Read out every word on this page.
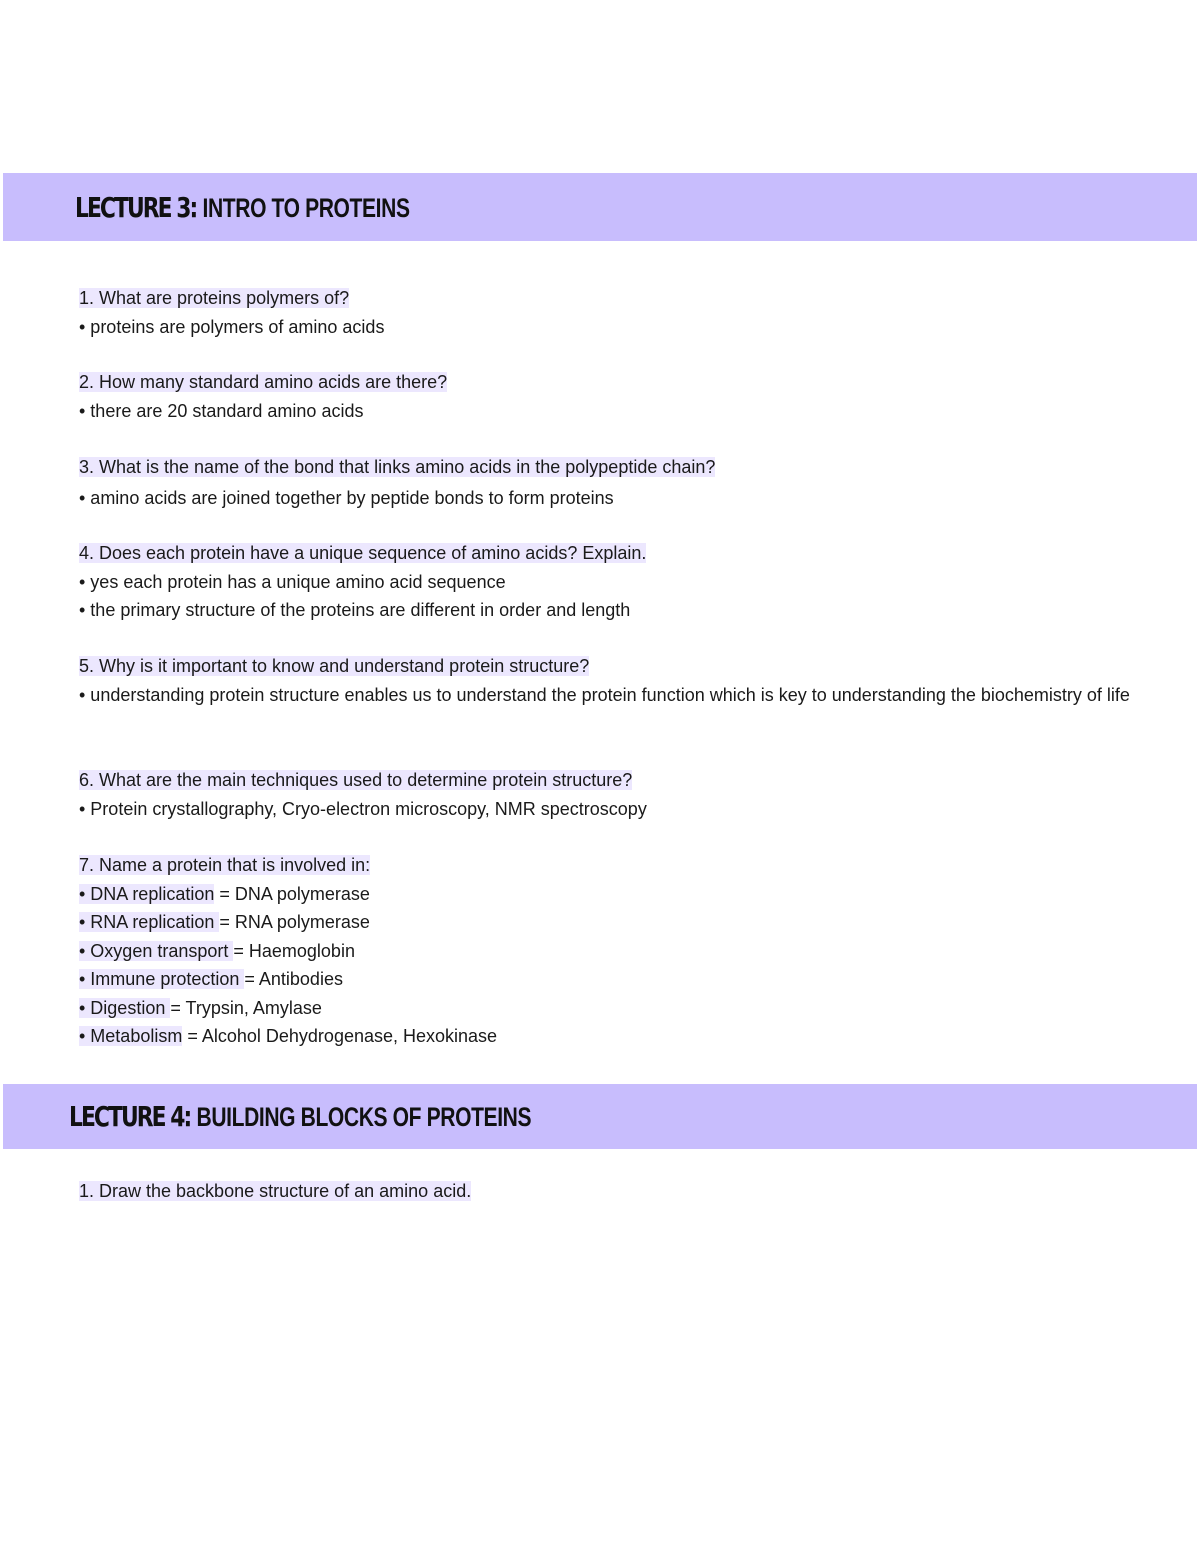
LECTURE 3: INTRO TO PROTEINS
1. What are proteins polymers of?
• proteins are polymers of amino acids
2. How many standard amino acids are there?
• there are 20 standard amino acids
3. What is the name of the bond that links amino acids in the polypeptide chain?
• amino acids are joined together by peptide bonds to form proteins
4. Does each protein have a unique sequence of amino acids? Explain.
• yes each protein has a unique amino acid sequence
• the primary structure of the proteins are different in order and length
5. Why is it important to know and understand protein structure?
• understanding protein structure enables us to understand the protein function which is key to understanding the biochemistry of life
6. What are the main techniques used to determine protein structure?
• Protein crystallography, Cryo-electron microscopy, NMR spectroscopy
7. Name a protein that is involved in:
• DNA replication = DNA polymerase
• RNA replication = RNA polymerase
• Oxygen transport = Haemoglobin
• Immune protection = Antibodies
• Digestion = Trypsin, Amylase
• Metabolism = Alcohol Dehydrogenase, Hexokinase
LECTURE 4: BUILDING BLOCKS OF PROTEINS
1. Draw the backbone structure of an amino acid.
